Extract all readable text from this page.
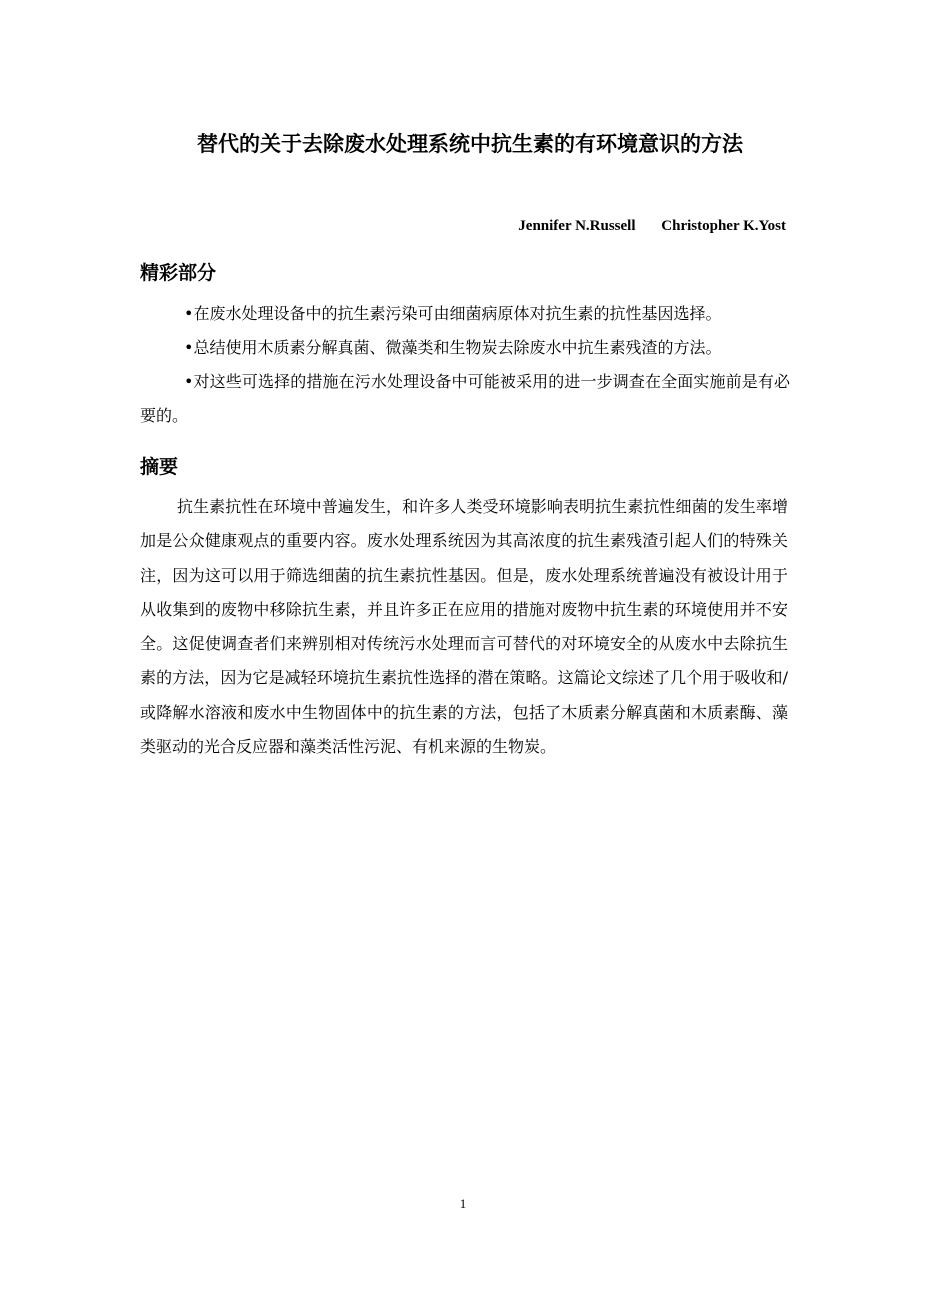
替代的关于去除废水处理系统中抗生素的有环境意识的方法
Jennifer N.Russell Christopher K.Yost
精彩部分

•在废水处理设备中的抗生素污染可由细菌病原体对抗生素的抗性基因选择。

•总结使用木质素分解真菌、微藻类和生物炭去除废水中抗生素残渣的方法。

•对这些可选择的措施在污水处理设备中可能被采用的进一步调查在全面实施前是有必要的。

摘要

抗生素抗性在环境中普遍发生，和许多人类受环境影响表明抗生素抗性细菌的发生率增加是公众健康观点的重要内容。废水处理系统因为其高浓度的抗生素残渣引起人们的特殊关注，因为这可以用于筛选细菌的抗生素抗性基因。但是，废水处理系统普遍没有被设计用于从收集到的废物中移除抗生素，并且许多正在应用的措施对废物中抗生素的环境使用并不安全。这促使调查者们来辨别相对传统污水处理而言可替代的对环境安全的从废水中去除抗生素的方法，因为它是减轻环境抗生素抗性选择的潜在策略。这篇论文综述了几个用于吸收和/或降解水溶液和废水中生物固体中的抗生素的方法，包括了木质素分解真菌和木质素酶、藻类驱动的光合反应器和藻类活性污泥、有机来源的生物炭。

1
